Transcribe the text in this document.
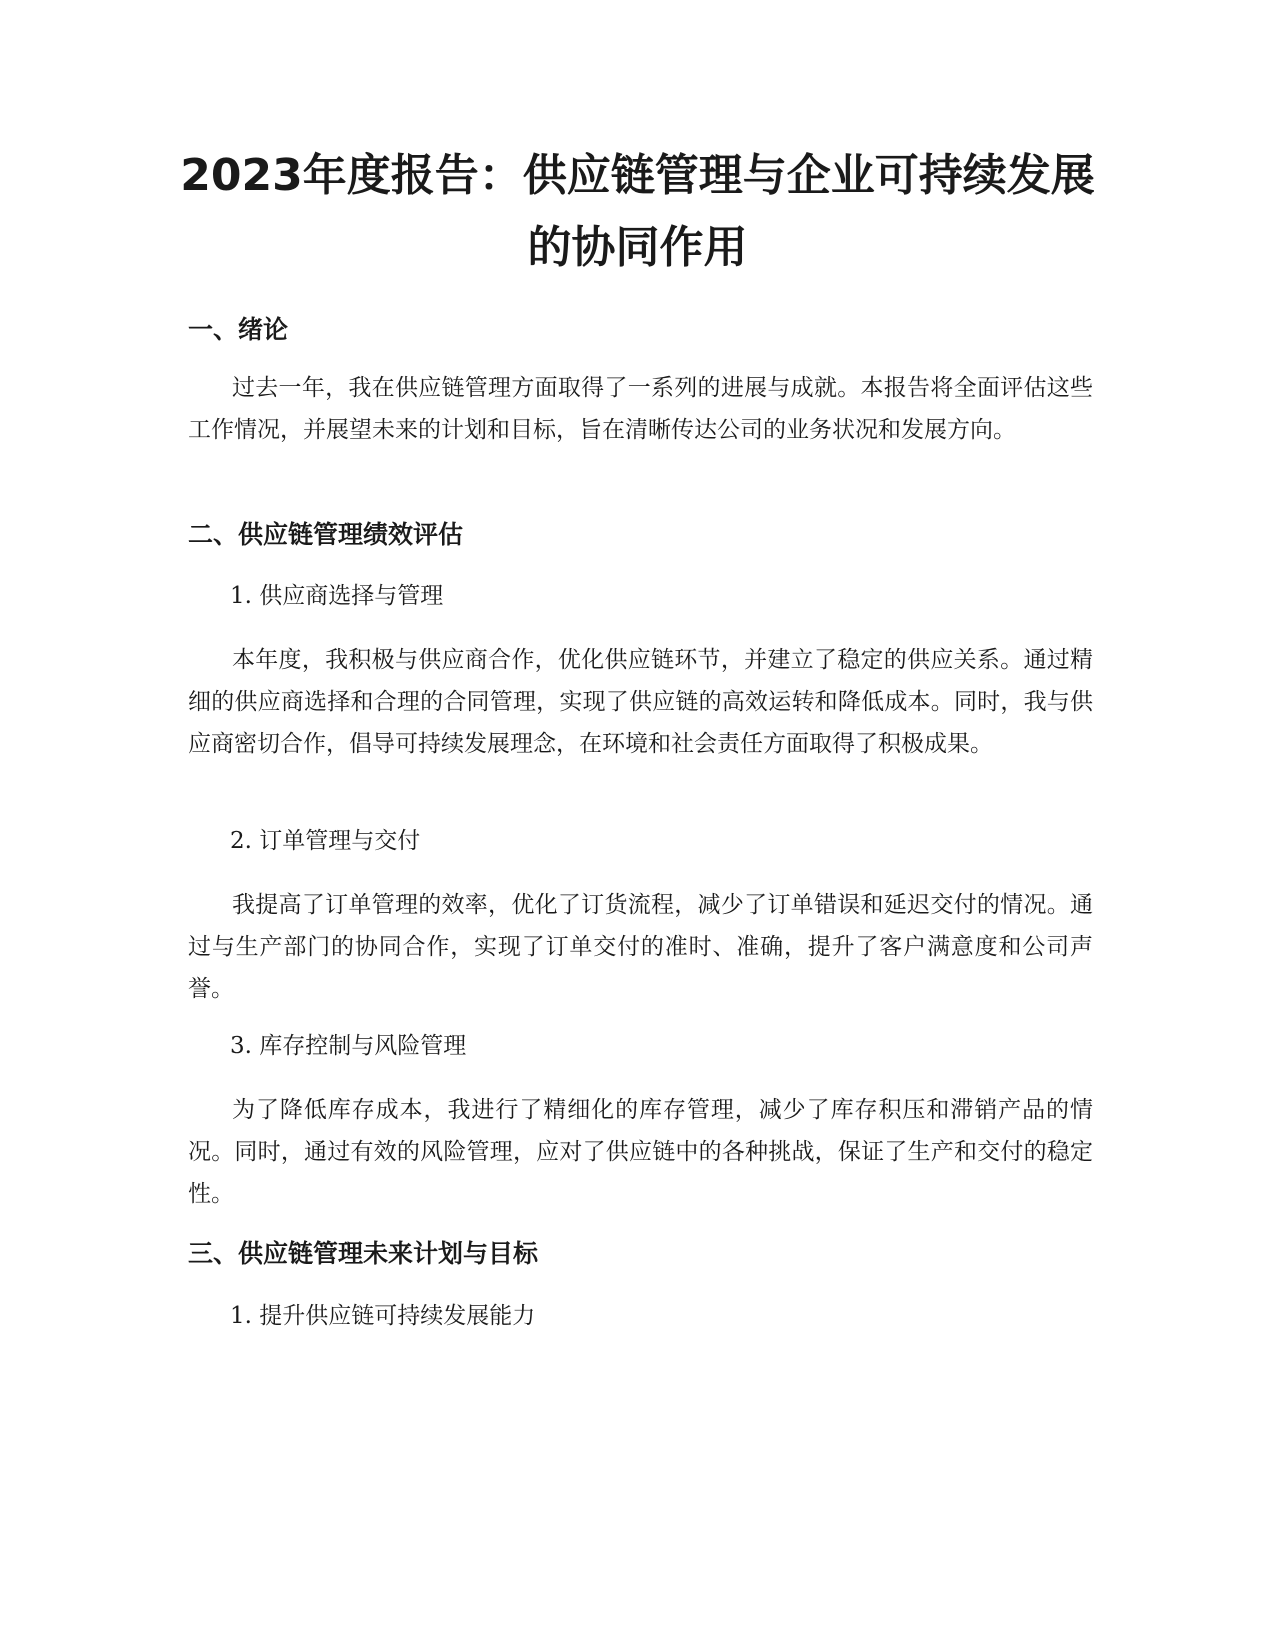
2023年度报告：供应链管理与企业可持续发展的协同作用
一、绪论

过去一年，我在供应链管理方面取得了一系列的进展与成就。本报告将全面评估这些工作情况，并展望未来的计划和目标，旨在清晰传达公司的业务状况和发展方向。

二、供应链管理绩效评估

1. 供应商选择与管理

本年度，我积极与供应商合作，优化供应链环节，并建立了稳定的供应关系。通过精细的供应商选择和合理的合同管理，实现了供应链的高效运转和降低成本。同时，我与供应商密切合作，倡导可持续发展理念，在环境和社会责任方面取得了积极成果。

2. 订单管理与交付

我提高了订单管理的效率，优化了订货流程，减少了订单错误和延迟交付的情况。通过与生产部门的协同合作，实现了订单交付的准时、准确，提升了客户满意度和公司声誉。

3. 库存控制与风险管理

为了降低库存成本，我进行了精细化的库存管理，减少了库存积压和滞销产品的情况。同时，通过有效的风险管理，应对了供应链中的各种挑战，保证了生产和交付的稳定性。

三、供应链管理未来计划与目标

1. 提升供应链可持续发展能力
